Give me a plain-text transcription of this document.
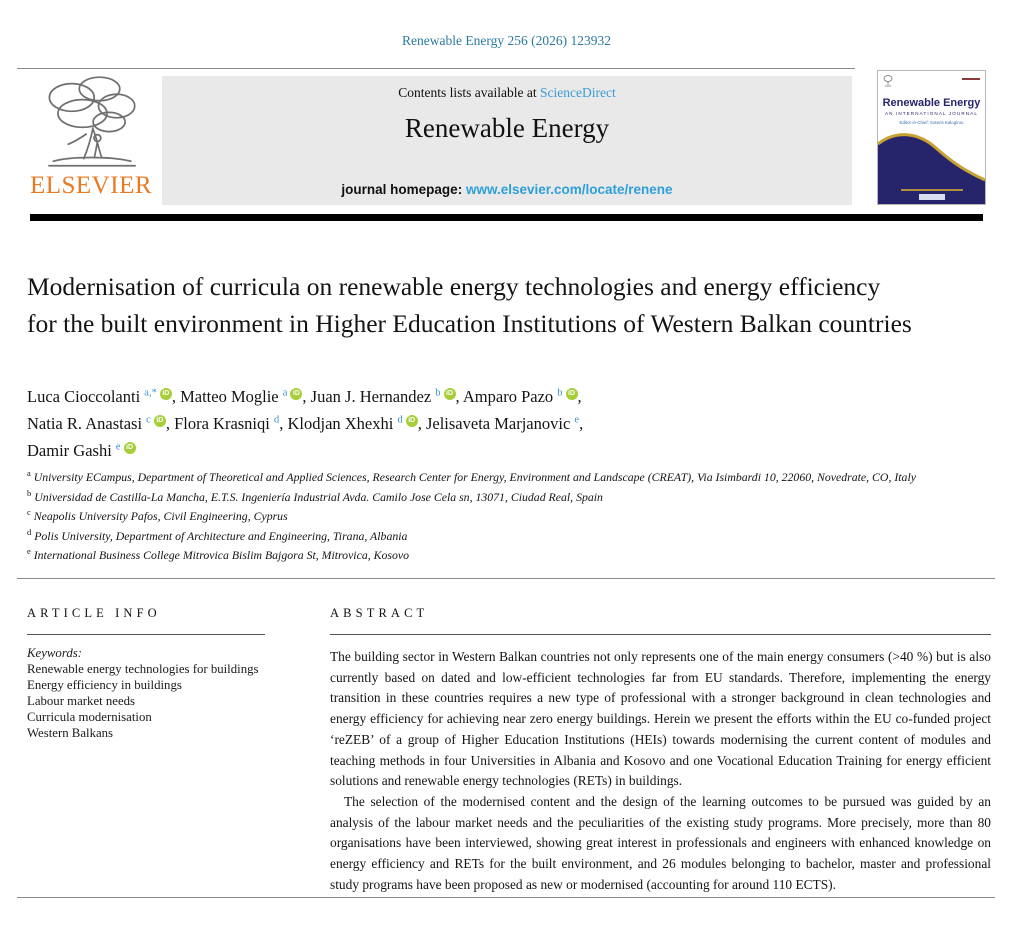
Renewable Energy 256 (2026) 123932
ELSEVIER
Contents lists available at ScienceDirect
Renewable Energy
journal homepage: www.elsevier.com/locate/renene
Renewable Energy
AN INTERNATIONAL JOURNAL
Editor-in-Chief: Soteris Kalogirou
Modernisation of curricula on renewable energy technologies and energy efficiency for the built environment in Higher Education Institutions of Western Balkan countries
Luca Cioccolanti $^{a,*}$ iD , Matteo Moglie $^a$ iD , Juan J. Hernandez $^b$ iD , Amparo Pazo $^b$ iD ,
Natia R. Anastasi $^c$ iD , Flora Krasniqi $^d$, Klodjan Xhexhi $^d$ iD , Jelisaveta Marjanovic $^e$,
Damir Gashi $^e$ iD
$^a$ University ECampus, Department of Theoretical and Applied Sciences, Research Center for Energy, Environment and Landscape (CREAT), Via Isimbardi 10, 22060, Novedrate, CO, Italy
$^b$ Universidad de Castilla-La Mancha, E.T.S. Ingeniería Industrial Avda. Camilo Jose Cela sn, 13071, Ciudad Real, Spain
$^c$ Neapolis University Pafos, Civil Engineering, Cyprus
$^d$ Polis University, Department of Architecture and Engineering, Tirana, Albania
$^e$ International Business College Mitrovica Bislim Bajgora St, Mitrovica, Kosovo
ARTICLE INFO
Keywords:
Renewable energy technologies for buildings
Energy efficiency in buildings
Labour market needs
Curricula modernisation
Western Balkans
ABSTRACT

The building sector in Western Balkan countries not only represents one of the main energy consumers (>40 %) but is also currently based on dated and low-efficient technologies far from EU standards. Therefore, implementing the energy transition in these countries requires a new type of professional with a stronger background in clean technologies and energy efficiency for achieving near zero energy buildings. Herein we present the efforts within the EU co-funded project ‘reZEB’ of a group of Higher Education Institutions (HEIs) towards modernising the current content of modules and teaching methods in four Universities in Albania and Kosovo and one Vocational Education Training for energy efficient solutions and renewable energy technologies (RETs) in buildings.

The selection of the modernised content and the design of the learning outcomes to be pursued was guided by an analysis of the labour market needs and the peculiarities of the existing study programs. More precisely, more than 80 organisations have been interviewed, showing great interest in professionals and engineers with enhanced knowledge on energy efficiency and RETs for the built environment, and 26 modules belonging to bachelor, master and professional study programs have been proposed as new or modernised (accounting for around 110 ECTS).
